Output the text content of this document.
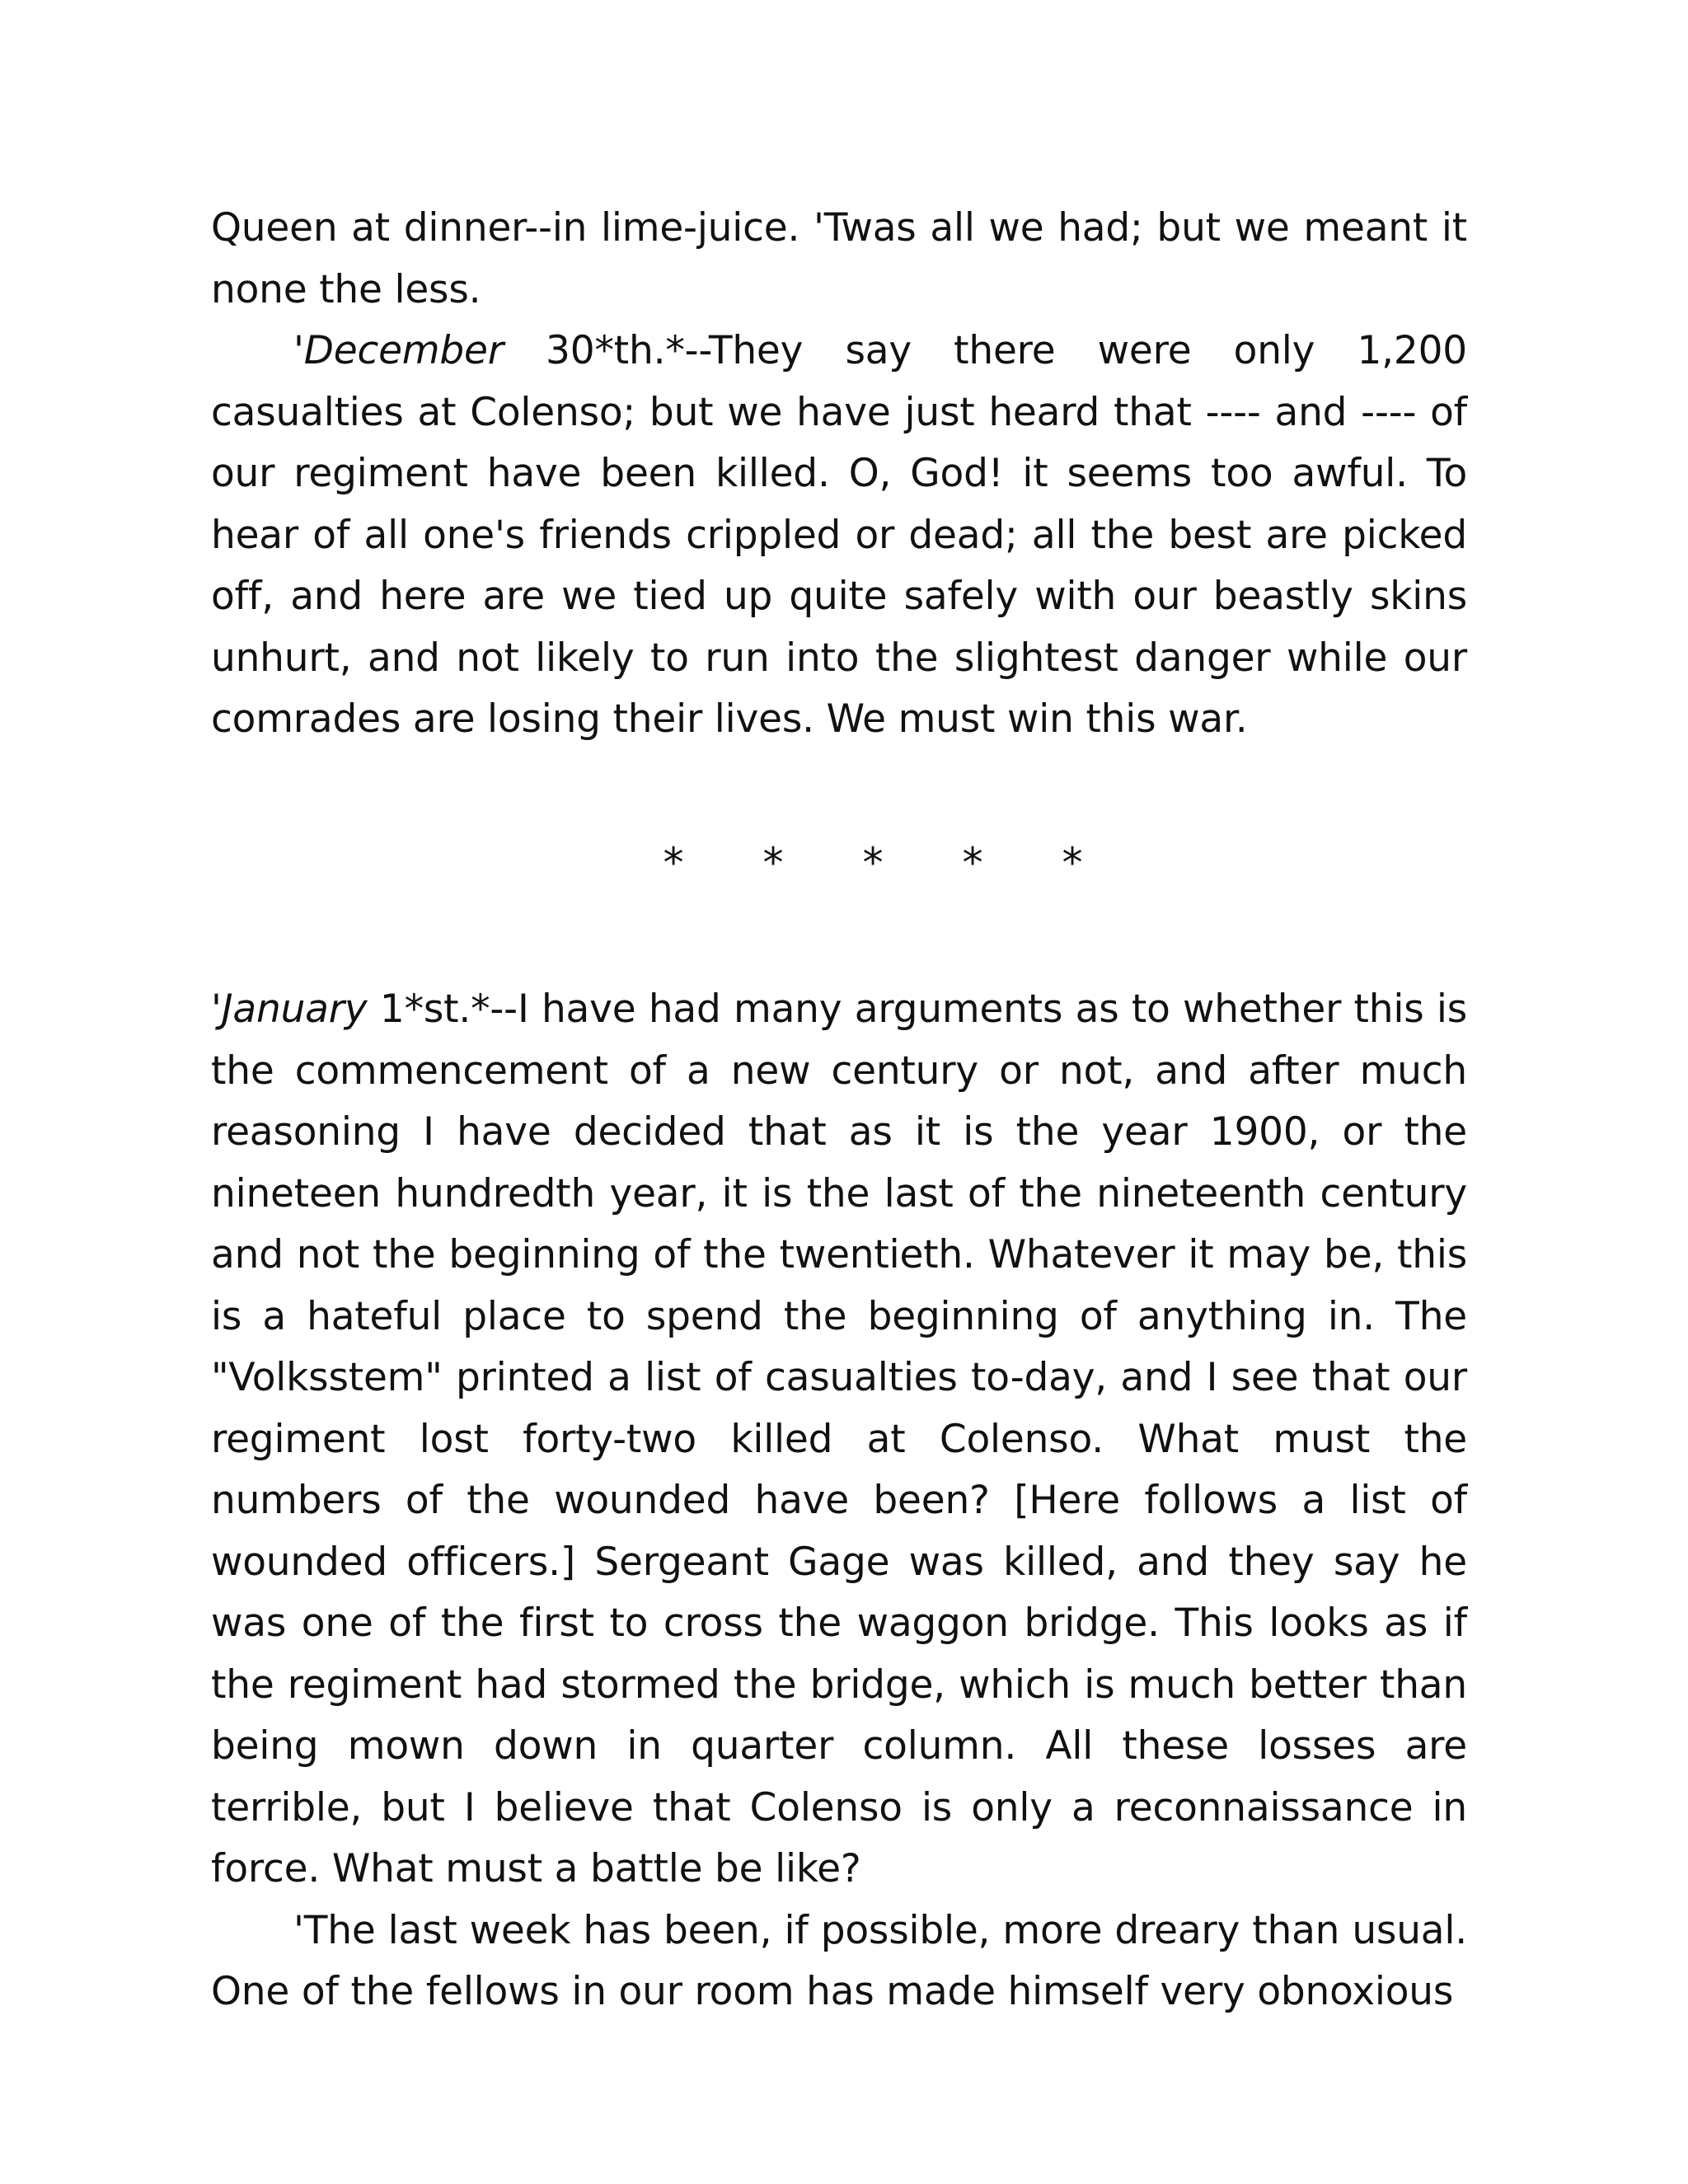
Queen at dinner--in lime-juice. 'Twas all we had; but we meant it none the less.

'December 30*th.*--They say there were only 1,200 casualties at Colenso; but we have just heard that ---- and ---- of our regiment have been killed. O, God! it seems too awful. To hear of all one's friends crippled or dead; all the best are picked off, and here are we tied up quite safely with our beastly skins unhurt, and not likely to run into the slightest danger while our comrades are losing their lives. We must win this war.

*	*	*	*	*

'January 1*st.*--I have had many arguments as to whether this is the commencement of a new century or not, and after much reasoning I have decided that as it is the year 1900, or the nineteen hundredth year, it is the last of the nineteenth century and not the beginning of the twentieth. Whatever it may be, this is a hateful place to spend the beginning of anything in. The "Volksstem" printed a list of casualties to-day, and I see that our regiment lost forty-two killed at Colenso. What must the numbers of the wounded have been? [Here follows a list of wounded officers.] Sergeant Gage was killed, and they say he was one of the first to cross the waggon bridge. This looks as if the regiment had stormed the bridge, which is much better than being mown down in quarter column. All these losses are terrible, but I believe that Colenso is only a reconnaissance in force. What must a battle be like?

'The last week has been, if possible, more dreary than usual. One of the fellows in our room has made himself very obnoxious
